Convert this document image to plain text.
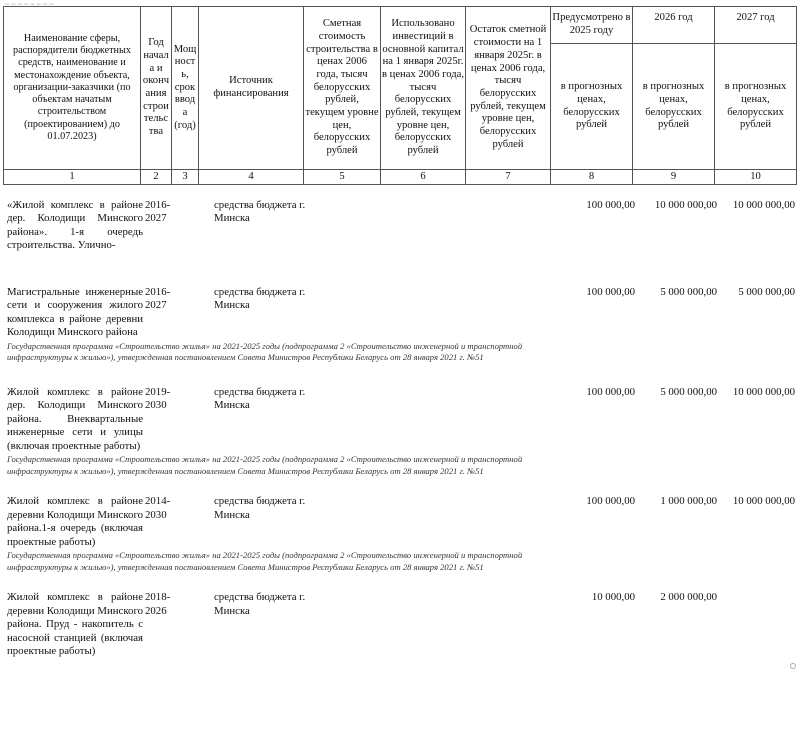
~ ~ ~ ~ ~ ~ ~ ~
Наименование сферы, распорядители бюджетных средств, наименование и местонахождение объекта, организации-заказчики (по объектам начатым строительством (проектированием) до 01.07.2023)	Год начала и окончания строительства	Мощность, срок ввода (год)	Источник финансирования	Сметная стоимость строительства в ценах 2006 года, тысяч белорусских рублей, текущем уровне цен, белорусских рублей	Использовано инвестиций в основной капитал на 1 января 2025г. в ценах 2006 года, тысяч белорусских рублей, текущем уровне цен, белорусских рублей	Остаток сметной стоимости на 1 января 2025г. в ценах 2006 года, тысяч белорусских рублей, текущем уровне цен, белорусских рублей	Предусмотрено в 2025 году	2026 год	2027 год
							в прогнозных ценах, белорусских рублей	в прогнозных ценах, белорусских рублей	в прогнозных ценах, белорусских рублей
1	2	3	4	5	6	7	8	9	10
·
«Жилой комплекс в районе дер. Колодищи Минского района». 1-я очередь строительства. Улично-	2016-2027		средства бюджета г. Минска				100 000,00	10 000 000,00	10 000 000,00
Магистральные инженерные сети и сооружения жилого комплекса в районе деревни Колодищи Минского района	2016-2027		средства бюджета г. Минска				100 000,00	5 000 000,00	5 000 000,00
Государственная программа «Строительство жилья» на 2021-2025 годы (подпрограмма 2 «Строительство инженерной и транспортной инфраструктуры к жилью»), утвержденная постановлением Совета Министров Республики Беларусь от 28 января 2021 г. №51									
Жилой комплекс в районе дер. Колодищи Минского района. Внеквартальные инженерные сети и улицы (включая проектные работы)	2019-2030		средства бюджета г. Минска				100 000,00	5 000 000,00	10 000 000,00
Государственная программа «Строительство жилья» на 2021-2025 годы (подпрограмма 2 «Строительство инженерной и транспортной инфраструктуры к жилью»), утвержденная постановлением Совета Министров Республики Беларусь от 28 января 2021 г. №51									
Жилой комплекс в районе деревни Колодищи Минского района.1-я очередь (включая проектные работы)	2014-2030		средства бюджета г. Минска				100 000,00	1 000 000,00	10 000 000,00
Государственная программа «Строительство жилья» на 2021-2025 годы (подпрограмма 2 «Строительство инженерной и транспортной инфраструктуры к жилью»), утвержденная постановлением Совета Министров Республики Беларусь от 28 января 2021 г. №51									
Жилой комплекс в районе деревни Колодищи Минского района. Пруд - накопитель с насосной станцией (включая проектные работы)	2018-2026		средства бюджета г. Минска				10 000,00	2 000 000,00	
